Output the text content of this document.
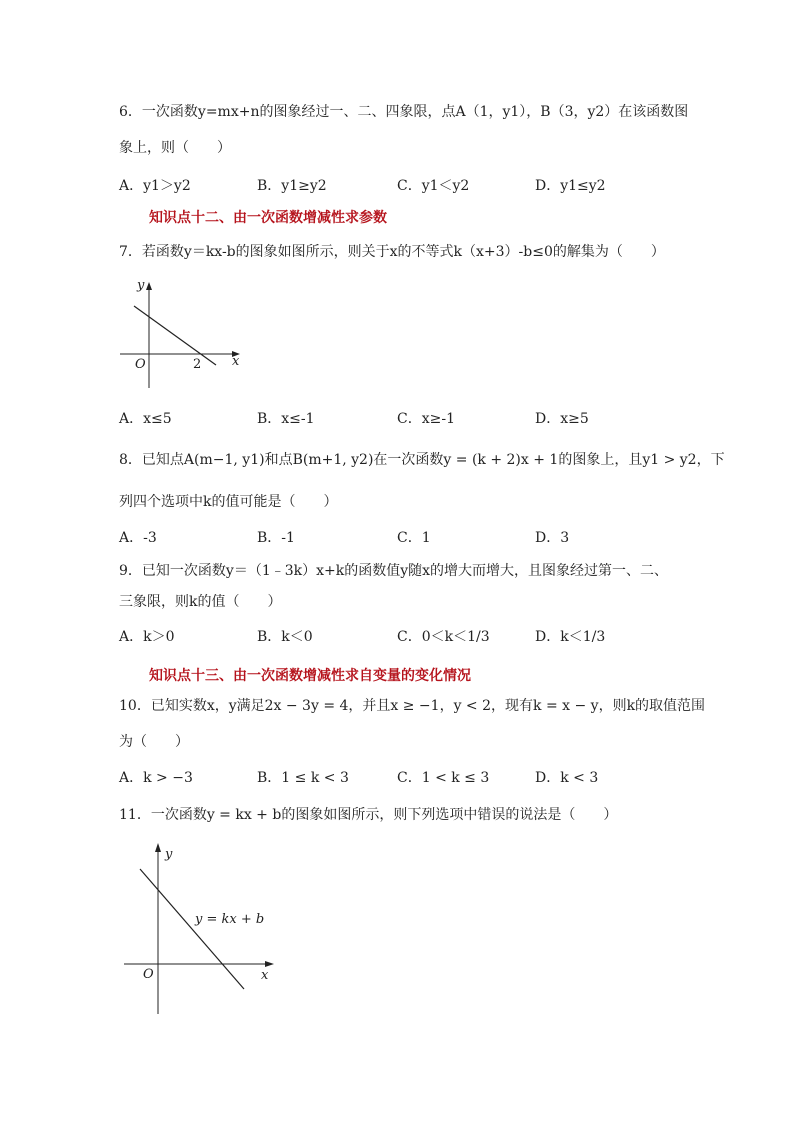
6．一次函数y=mx+n的图象经过一、二、四象限，点A（1，y1），B（3，y2）在该函数图
象上，则（　　）
A．y1＞y2	B．y1≥y2	C．y1＜y2	D．y1≤y2
知识点十二、由一次函数增减性求参数
7．若函数y＝kx-b的图象如图所示，则关于x的不等式k（x+3）-b≤0的解集为（　　）
y
x
O	2
A．x≤5	B．x≤-1	C．x≥-1	D．x≥5
8．已知点A(m−1, y1)和点B(m+1, y2)在一次函数y = (k + 2)x + 1的图象上，且y1 > y2，下
列四个选项中k的值可能是（　　）
A．-3	B．-1	C．1	D．3
9．已知一次函数y＝（1﹣3k）x+k的函数值y随x的增大而增大，且图象经过第一、二、
三象限，则k的值（　　）
A．k＞0	B．k＜0	C．0＜k＜1/3	D．k＜1/3
知识点十三、由一次函数增减性求自变量的变化情况
10．已知实数x，y满足2x − 3y = 4，并且x ≥ −1，y < 2，现有k = x − y，则k的取值范围
为（　　）
A．k > −3	B．1 ≤ k < 3	C．1 < k ≤ 3	D．k < 3
11．一次函数y = kx + b的图象如图所示，则下列选项中错误的说法是（　　）
y
x
O
y = kx + b
